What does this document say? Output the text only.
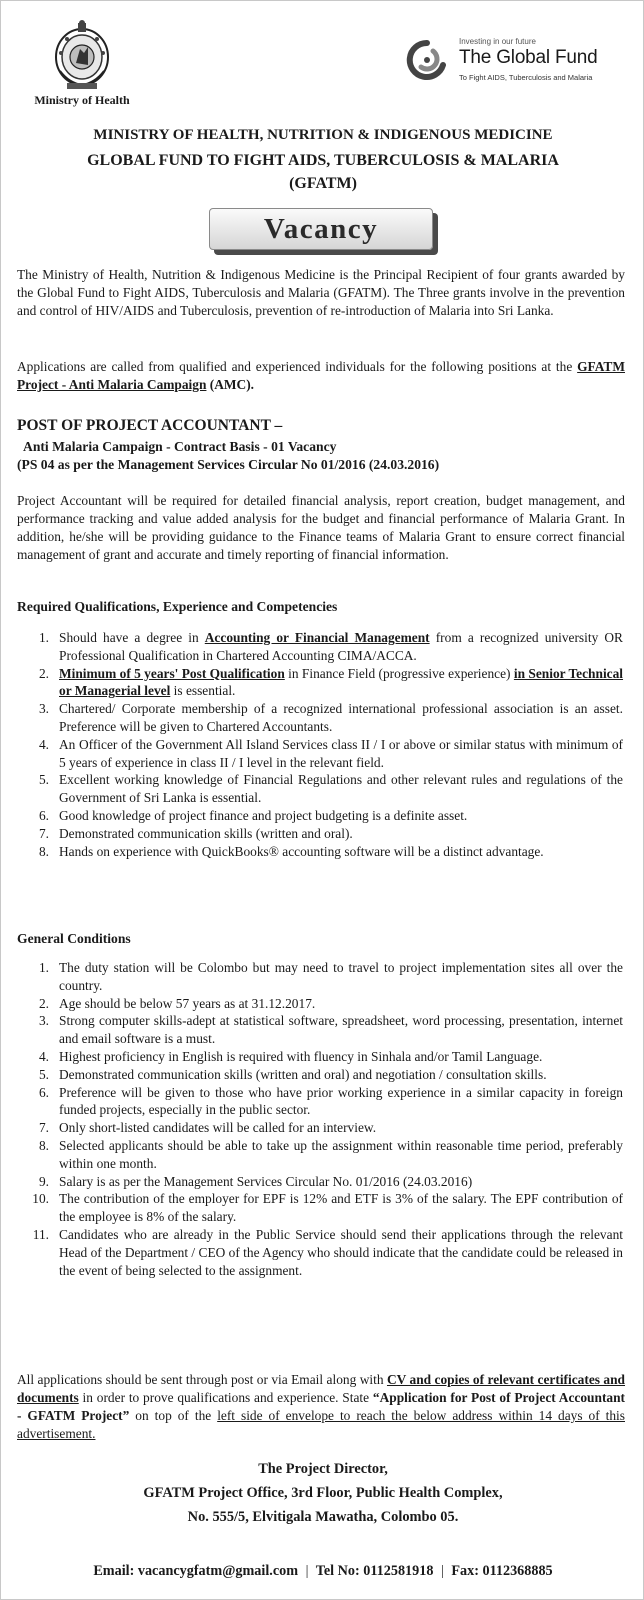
Ministry of Health
Investing in our future
The Global Fund
To Fight AIDS, Tuberculosis and Malaria
MINISTRY OF HEALTH, NUTRITION & INDIGENOUS MEDICINE
GLOBAL FUND TO FIGHT AIDS, TUBERCULOSIS & MALARIA
(GFATM)
Vacancy
The Ministry of Health, Nutrition & Indigenous Medicine is the Principal Recipient of four grants awarded by the Global Fund to Fight AIDS, Tuberculosis and Malaria (GFATM). The Three grants involve in the prevention and control of HIV/AIDS and Tuberculosis, prevention of re-introduction of Malaria into Sri Lanka.
Applications are called from qualified and experienced individuals for the following positions at the GFATM Project - Anti Malaria Campaign (AMC).
POST OF PROJECT ACCOUNTANT –
Anti Malaria Campaign - Contract Basis - 01 Vacancy
(PS 04 as per the Management Services Circular No 01/2016 (24.03.2016)
Project Accountant will be required for detailed financial analysis, report creation, budget management, and performance tracking and value added analysis for the budget and financial performance of Malaria Grant. In addition, he/she will be providing guidance to the Finance teams of Malaria Grant to ensure correct financial management of grant and accurate and timely reporting of financial information.
Required Qualifications, Experience and Competencies
1. Should have a degree in Accounting or Financial Management from a recognized university OR Professional Qualification in Chartered Accounting CIMA/ACCA.
2. Minimum of 5 years' Post Qualification in Finance Field (progressive experience) in Senior Technical or Managerial level is essential.
3. Chartered/ Corporate membership of a recognized international professional association is an asset. Preference will be given to Chartered Accountants.
4. An Officer of the Government All Island Services class II / I or above or similar status with minimum of 5 years of experience in class II / I level in the relevant field.
5. Excellent working knowledge of Financial Regulations and other relevant rules and regulations of the Government of Sri Lanka is essential.
6. Good knowledge of project finance and project budgeting is a definite asset.
7. Demonstrated communication skills (written and oral).
8. Hands on experience with QuickBooks® accounting software will be a distinct advantage.
General Conditions
1. The duty station will be Colombo but may need to travel to project implementation sites all over the country.
2. Age should be below 57 years as at 31.12.2017.
3. Strong computer skills-adept at statistical software, spreadsheet, word processing, presentation, internet and email software is a must.
4. Highest proficiency in English is required with fluency in Sinhala and/or Tamil Language.
5. Demonstrated communication skills (written and oral) and negotiation / consultation skills.
6. Preference will be given to those who have prior working experience in a similar capacity in foreign funded projects, especially in the public sector.
7. Only short-listed candidates will be called for an interview.
8. Selected applicants should be able to take up the assignment within reasonable time period, preferably within one month.
9. Salary is as per the Management Services Circular No. 01/2016 (24.03.2016)
10. The contribution of the employer for EPF is 12% and ETF is 3% of the salary. The EPF contribution of the employee is 8% of the salary.
11. Candidates who are already in the Public Service should send their applications through the relevant Head of the Department / CEO of the Agency who should indicate that the candidate could be released in the event of being selected to the assignment.
All applications should be sent through post or via Email along with CV and copies of relevant certificates and documents in order to prove qualifications and experience. State “Application for Post of Project Accountant - GFATM Project” on top of the left side of envelope to reach the below address within 14 days of this advertisement.
The Project Director,
GFATM Project Office, 3rd Floor, Public Health Complex,
No. 555/5, Elvitigala Mawatha, Colombo 05.
Email: vacancygfatm@gmail.com | Tel No: 0112581918 | Fax: 0112368885
